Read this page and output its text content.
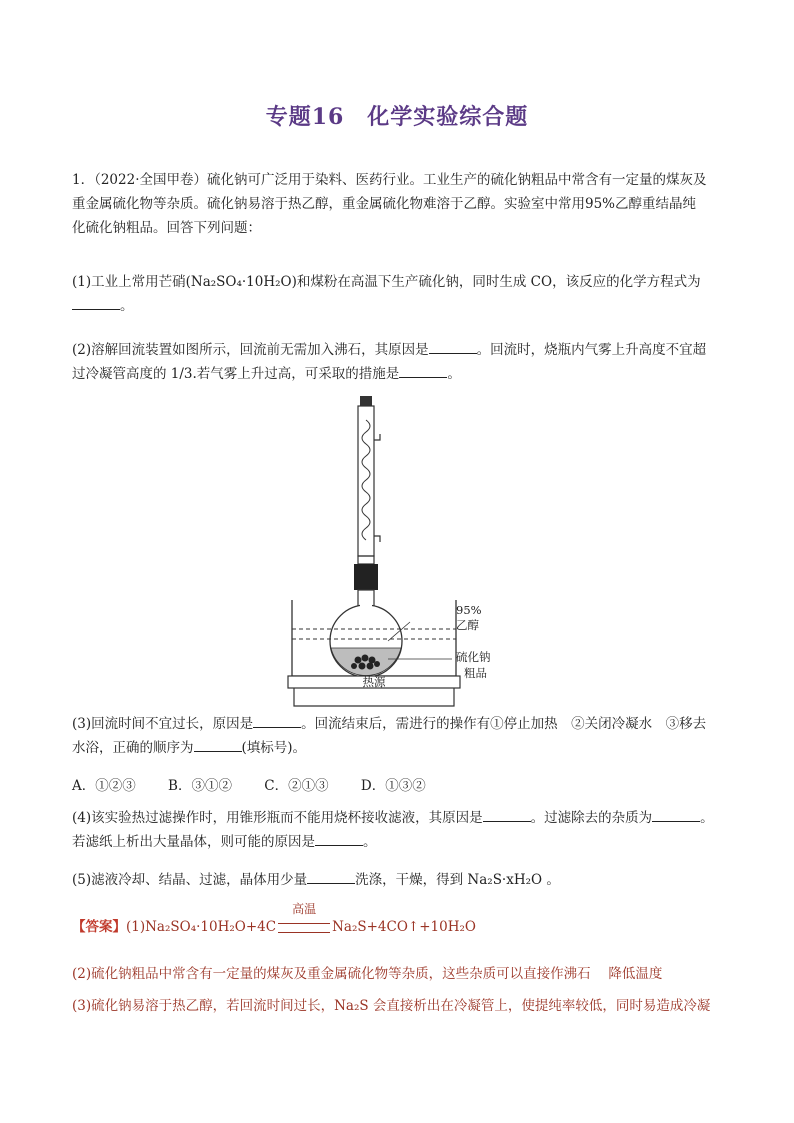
专题16　化学实验综合题
1．（2022·全国甲卷）硫化钠可广泛用于染料、医药行业。工业生产的硫化钠粗品中常含有一定量的煤灰及
重金属硫化物等杂质。硫化钠易溶于热乙醇，重金属硫化物难溶于乙醇。实验室中常用95%乙醇重结晶纯
化硫化钠粗品。回答下列问题：
(1)工业上常用芒硝(Na₂SO₄·10H₂O)和煤粉在高温下生产硫化钠，同时生成 CO，该反应的化学方程式为
。
(2)溶解回流装置如图所示，回流前无需加入沸石，其原因是	。回流时，烧瓶内气雾上升高度不宜超
过冷凝管高度的 1/3.若气雾上升过高，可采取的措施是	。
95%
乙醇
硫化钠
粗品
热源
(3)回流时间不宜过长，原因是	。回流结束后，需进行的操作有①停止加热　②关闭冷凝水　③移去
水浴，正确的顺序为	(填标号)。
A．①②③ B．③①② C．②①③ D．①③②
(4)该实验热过滤操作时，用锥形瓶而不能用烧杯接收滤液，其原因是	。过滤除去的杂质为	。
若滤纸上析出大量晶体，则可能的原因是	。
(5)滤液冷却、结晶、过滤，晶体用少量	洗涤，干燥，得到 Na₂S·xH₂O 。
【答案】(1)Na₂SO₄·10H₂O+4C
高温
Na₂S+4CO↑+10H₂O
(2)硫化钠粗品中常含有一定量的煤灰及重金属硫化物等杂质，这些杂质可以直接作沸石　 降低温度
(3)硫化钠易溶于热乙醇，若回流时间过长，Na₂S 会直接析出在冷凝管上，使提纯率较低，同时易造成冷凝
